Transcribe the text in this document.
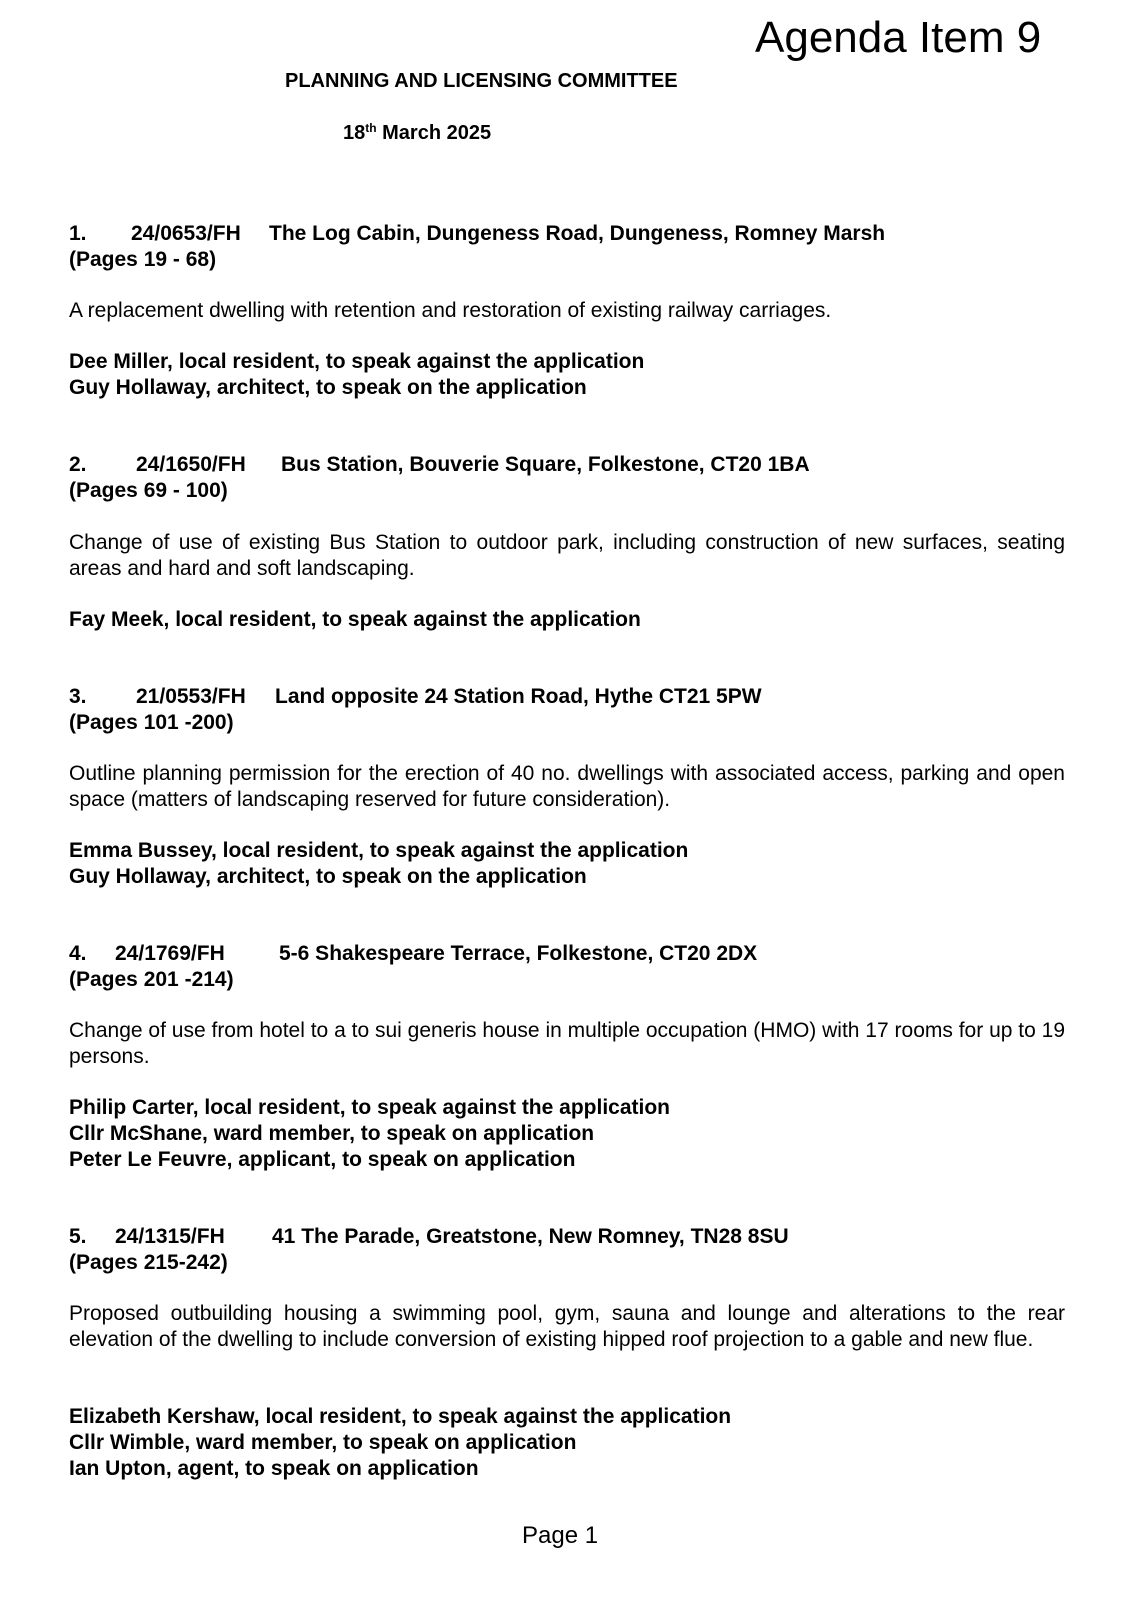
Agenda Item 9
PLANNING AND LICENSING COMMITTEE
18th March 2025
1. 24/0653/FH The Log Cabin, Dungeness Road, Dungeness, Romney Marsh
(Pages 19 - 68)

A replacement dwelling with retention and restoration of existing railway carriages.

Dee Miller, local resident, to speak against the application
Guy Hollaway, architect, to speak on the application
2. 24/1650/FH Bus Station, Bouverie Square, Folkestone, CT20 1BA
(Pages 69 - 100)

Change of use of existing Bus Station to outdoor park, including construction of new surfaces, seating areas and hard and soft landscaping.

Fay Meek, local resident, to speak against the application
3. 21/0553/FH Land opposite 24 Station Road, Hythe CT21 5PW
(Pages 101 -200)

Outline planning permission for the erection of 40 no. dwellings with associated access, parking and open space (matters of landscaping reserved for future consideration).

Emma Bussey, local resident, to speak against the application
Guy Hollaway, architect, to speak on the application
4. 24/1769/FH	5-6 Shakespeare Terrace, Folkestone, CT20 2DX
(Pages 201 -214)

Change of use from hotel to a to sui generis house in multiple occupation (HMO) with 17 rooms for up to 19 persons.

Philip Carter, local resident, to speak against the application
Cllr McShane, ward member, to speak on application
Peter Le Feuvre, applicant, to speak on application
5. 24/1315/FH 41 The Parade, Greatstone, New Romney, TN28 8SU
(Pages 215-242)

Proposed outbuilding housing a swimming pool, gym, sauna and lounge and alterations to the rear elevation of the dwelling to include conversion of existing hipped roof projection to a gable and new flue.

Elizabeth Kershaw, local resident, to speak against the application
Cllr Wimble, ward member, to speak on application
Ian Upton, agent, to speak on application
Page 1
